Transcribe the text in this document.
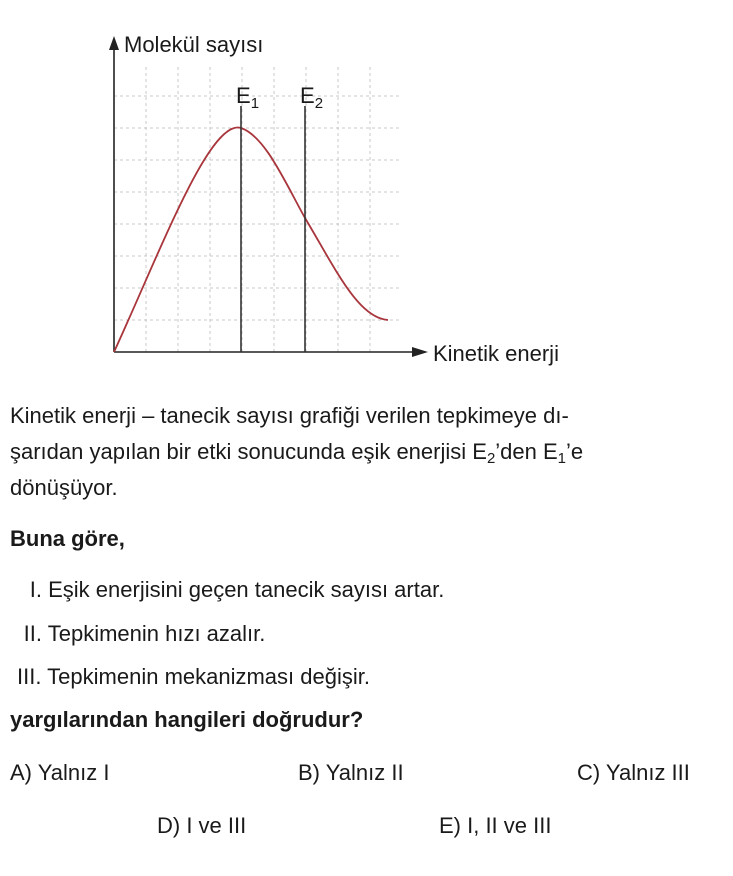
Molekül sayısı
Kinetik enerji
$E_1$ $E_2$

Kinetik enerji – tanecik sayısı grafiği verilen tepkimeye dı-
şarıdan yapılan bir etki sonucunda eşik enerjisi $E_2’den$ $E_1’e$
dönüşüyor.

Buna göre,

I. Eşik enerjisini geçen tanecik sayısı artar.

II. Tepkimenin hızı azalır.

III. Tepkimenin mekanizması değişir.

yargılarından hangileri doğrudur?

A) Yalnız I	B) Yalnız II	C) Yalnız III

D) I ve III	E) I, II ve III
